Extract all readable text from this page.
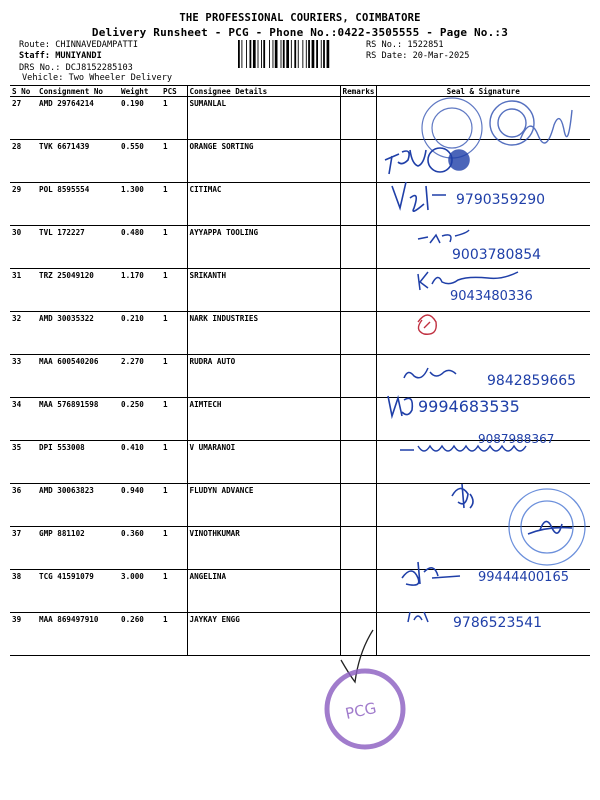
THE PROFESSIONAL COURIERS, COIMBATORE
Delivery Runsheet - PCG - Phone No.:0422-3505555 - Page No.:3
Route: CHINNAVEDAMPATTI
Staff: MUNIYANDI
DRS No.: DCJ8152285103
Vehicle: Two Wheeler Delivery
RS No.: 1522851
RS Date: 20-Mar-2025
S No	Consignment No	Weight	PCS	Consignee Details	Remarks	Seal & Signature
27	AMD 29764214	0.190	1	SUMANLAL		
28	TVK 6671439	0.550	1	ORANGE SORTING		
29	POL 8595554	1.300	1	CITIMAC		
30	TVL 172227	0.480	1	AYYAPPA TOOLING		
31	TRZ 25049120	1.170	1	SRIKANTH		
32	AMD 30035322	0.210	1	NARK INDUSTRIES		
33	MAA 600540206	2.270	1	RUDRA AUTO		
34	MAA 576891598	0.250	1	AIMTECH		
35	DPI 553008	0.410	1	V UMARANOI		
36	AMD 30063823	0.940	1	FLUDYN ADVANCE		
37	GMP 881102	0.360	1	VINOTHKUMAR		
38	TCG 41591079	3.000	1	ANGELINA		
39	MAA 869497910	0.260	1	JAYKAY ENGG		
9790359290
9003780854
9043480336
9842859665
9994683535
9087988367
99444400165
9786523541
PCG
